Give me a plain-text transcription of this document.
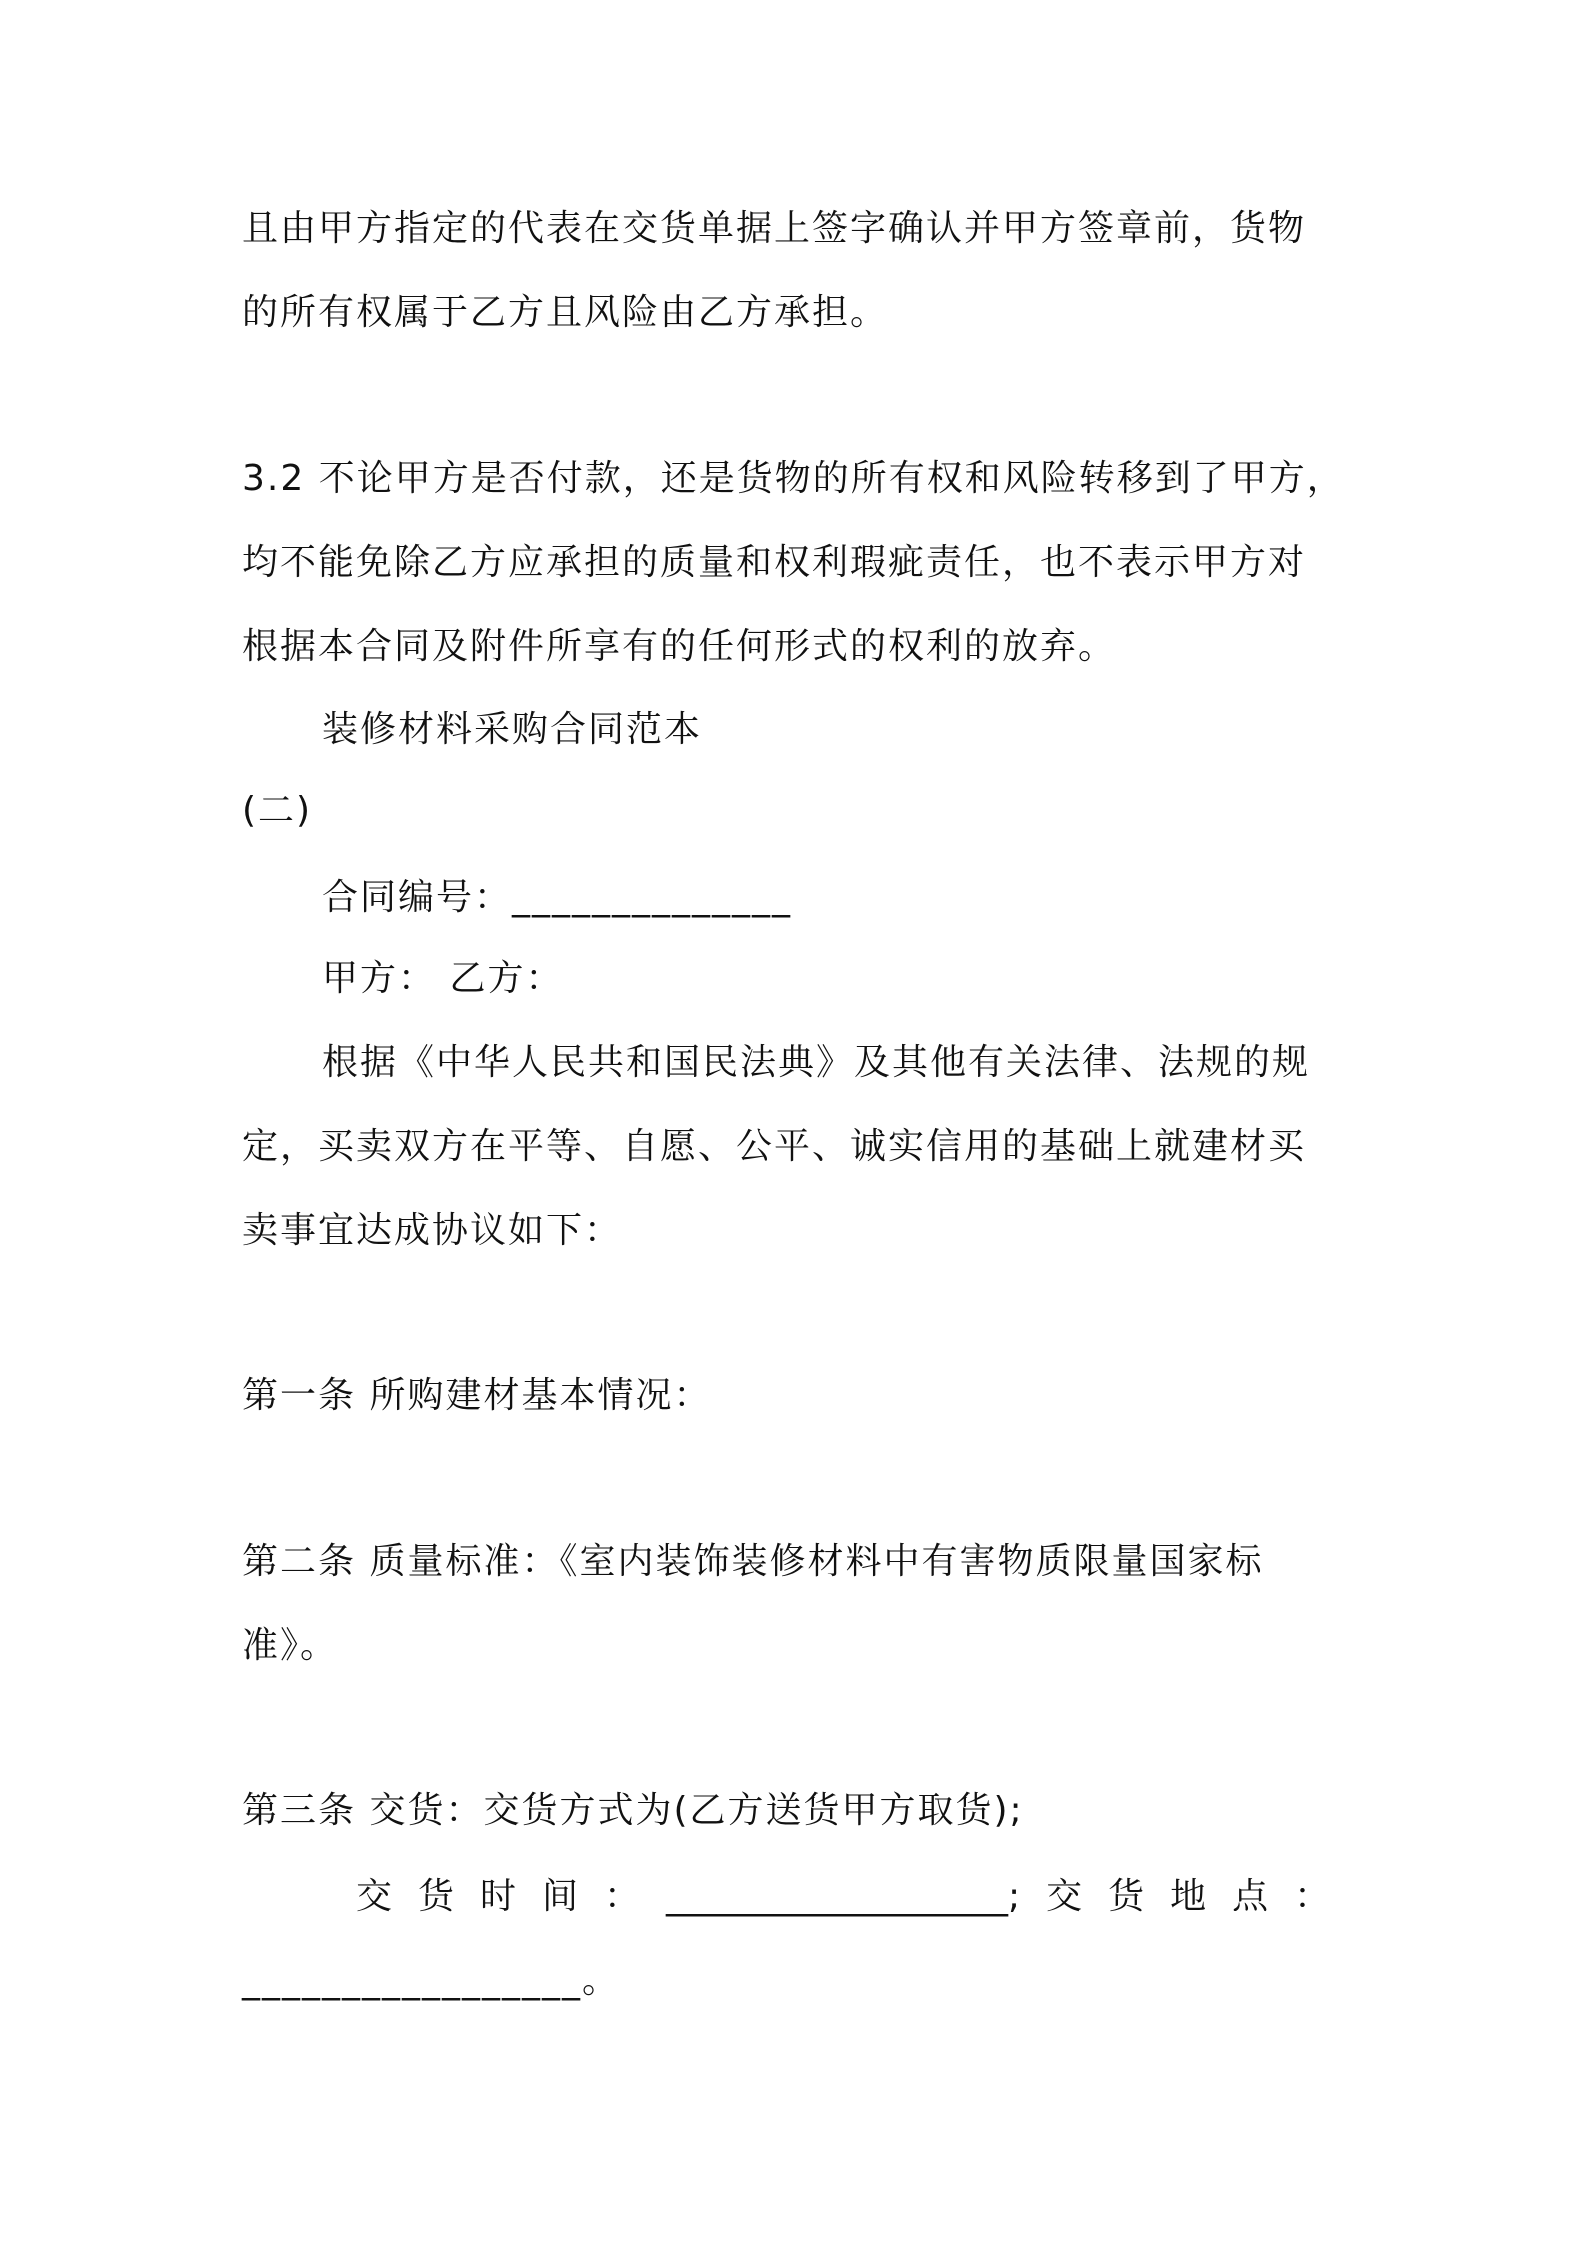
且由甲方指定的代表在交货单据上签字确认并甲方签章前，货物
的所有权属于乙方且风险由乙方承担。
3.2 不论甲方是否付款，还是货物的所有权和风险转移到了甲方，
均不能免除乙方应承担的质量和权利瑕疵责任，也不表示甲方对
根据本合同及附件所享有的任何形式的权利的放弃。
装修材料采购合同范本
(二)
合同编号：______________
甲方： 乙方：
根据《中华人民共和国民法典》及其他有关法律、法规的规
定，买卖双方在平等、自愿、公平、诚实信用的基础上就建材买
卖事宜达成协议如下：
第一条 所购建材基本情况：
第二条 质量标准：《室内装饰装修材料中有害物质限量国家标
准》。
第三条 交货：交货方式为(乙方送货甲方取货);
交货时间：___________________;交货地点：
_________________。
